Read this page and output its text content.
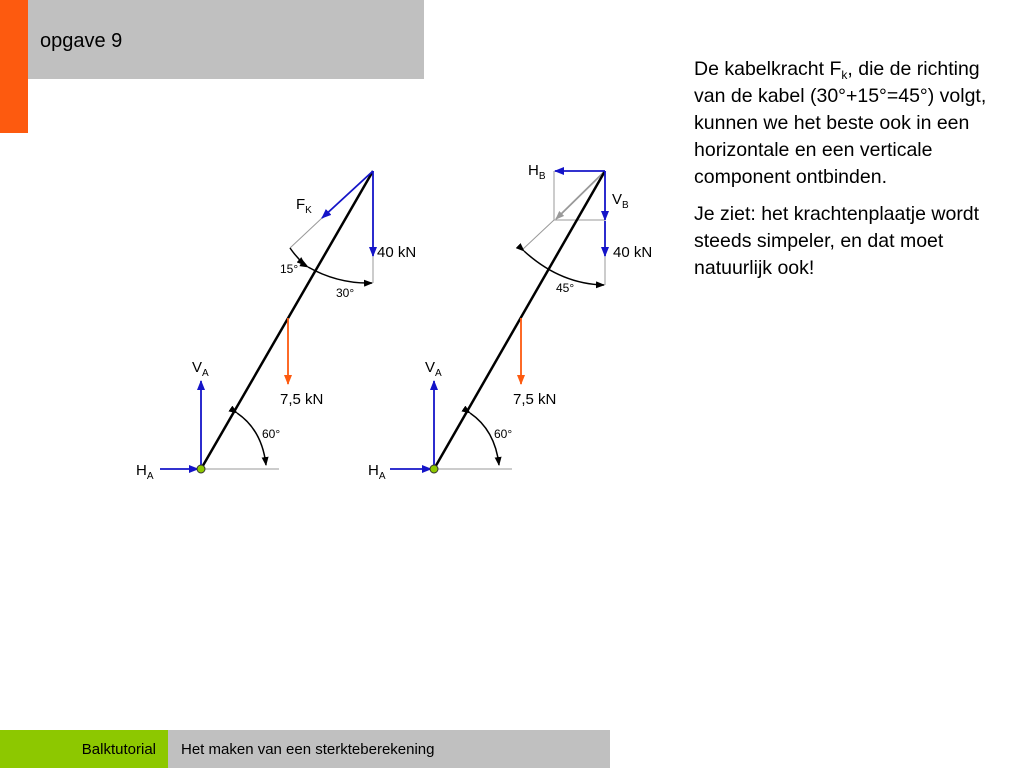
opgave 9
$F_K$
40 kN
15°
30°
7,5 kN
$V_A$
$H_A$
60°
$H_B$
$V_B$
40 kN
45°
7,5 kN
$V_A$
$H_A$
60°

De kabelkracht $F_k$, die de richting van de kabel (30°+15°=45°) volgt, kunnen we het beste ook in een horizontale en een verticale component ontbinden.

Je ziet: het krachtenplaatje wordt steeds simpeler, en dat moet natuurlijk ook!

Balktutorial Het maken van een sterkteberekening
